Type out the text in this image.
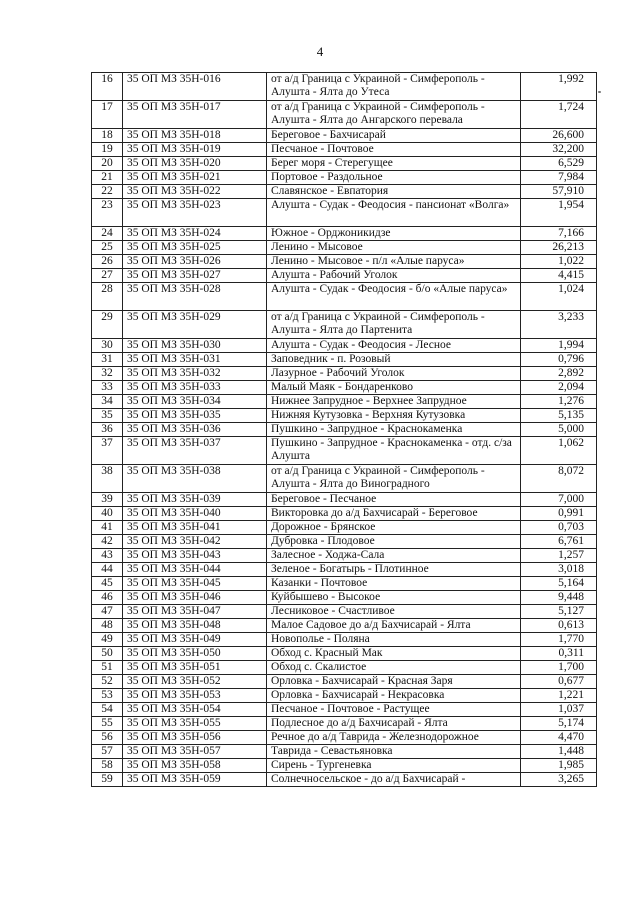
4
16	35 ОП МЗ 35Н-016	от а/д Граница с Украиной - Симферополь - Алушта - Ялта до Утеса	1,992
17	35 ОП МЗ 35Н-017	от а/д Граница с Украиной - Симферополь - Алушта - Ялта до Ангарского перевала	1,724
18	35 ОП МЗ 35Н-018	Береговое - Бахчисарай	26,600
19	35 ОП МЗ 35Н-019	Песчаное - Почтовое	32,200
20	35 ОП МЗ 35Н-020	Берег моря - Стерегущее	6,529
21	35 ОП МЗ 35Н-021	Портовое - Раздольное	7,984
22	35 ОП МЗ 35Н-022	Славянское - Евпатория	57,910
23	35 ОП МЗ 35Н-023	Алушта - Судак - Феодосия - пансионат «Волга»	1,954
24	35 ОП МЗ 35Н-024	Южное - Орджоникидзе	7,166
25	35 ОП МЗ 35Н-025	Ленино - Мысовое	26,213
26	35 ОП МЗ 35Н-026	Ленино - Мысовое - п/л «Алые паруса»	1,022
27	35 ОП МЗ 35Н-027	Алушта - Рабочий Уголок	4,415
28	35 ОП МЗ 35Н-028	Алушта - Судак - Феодосия - б/о «Алые паруса»	1,024
29	35 ОП МЗ 35Н-029	от а/д Граница с Украиной - Симферополь - Алушта - Ялта до Партенита	3,233
30	35 ОП МЗ 35Н-030	Алушта - Судак - Феодосия - Лесное	1,994
31	35 ОП МЗ 35Н-031	Заповедник - п. Розовый	0,796
32	35 ОП МЗ 35Н-032	Лазурное - Рабочий Уголок	2,892
33	35 ОП МЗ 35Н-033	Малый Маяк - Бондаренково	2,094
34	35 ОП МЗ 35Н-034	Нижнее Запрудное - Верхнее Запрудное	1,276
35	35 ОП МЗ 35Н-035	Нижняя Кутузовка - Верхняя Кутузовка	5,135
36	35 ОП МЗ 35Н-036	Пушкино - Запрудное - Краснокаменка	5,000
37	35 ОП МЗ 35Н-037	Пушкино - Запрудное - Краснокаменка - отд. с/за Алушта	1,062
38	35 ОП МЗ 35Н-038	от а/д Граница с Украиной - Симферополь - Алушта - Ялта до Виноградного	8,072
39	35 ОП МЗ 35Н-039	Береговое - Песчаное	7,000
40	35 ОП МЗ 35Н-040	Викторовка до а/д Бахчисарай - Береговое	0,991
41	35 ОП МЗ 35Н-041	Дорожное - Брянское	0,703
42	35 ОП МЗ 35Н-042	Дубровка - Плодовое	6,761
43	35 ОП МЗ 35Н-043	Залесное - Ходжа-Сала	1,257
44	35 ОП МЗ 35Н-044	Зеленое - Богатырь - Плотинное	3,018
45	35 ОП МЗ 35Н-045	Казанки - Почтовое	5,164
46	35 ОП МЗ 35Н-046	Куйбышево - Высокое	9,448
47	35 ОП МЗ 35Н-047	Лесниковое - Счастливое	5,127
48	35 ОП МЗ 35Н-048	Малое Садовое до а/д Бахчисарай - Ялта	0,613
49	35 ОП МЗ 35Н-049	Новополье - Поляна	1,770
50	35 ОП МЗ 35Н-050	Обход с. Красный Мак	0,311
51	35 ОП МЗ 35Н-051	Обход с. Скалистое	1,700
52	35 ОП МЗ 35Н-052	Орловка - Бахчисарай - Красная Заря	0,677
53	35 ОП МЗ 35Н-053	Орловка - Бахчисарай - Некрасовка	1,221
54	35 ОП МЗ 35Н-054	Песчаное - Почтовое - Растущее	1,037
55	35 ОП МЗ 35Н-055	Подлесное до а/д Бахчисарай - Ялта	5,174
56	35 ОП МЗ 35Н-056	Речное до а/д Таврида - Железнодорожное	4,470
57	35 ОП МЗ 35Н-057	Таврида - Севастьяновка	1,448
58	35 ОП МЗ 35Н-058	Сирень - Тургеневка	1,985
59	35 ОП МЗ 35Н-059	Солнечносельское - до а/д Бахчисарай -	3,265
